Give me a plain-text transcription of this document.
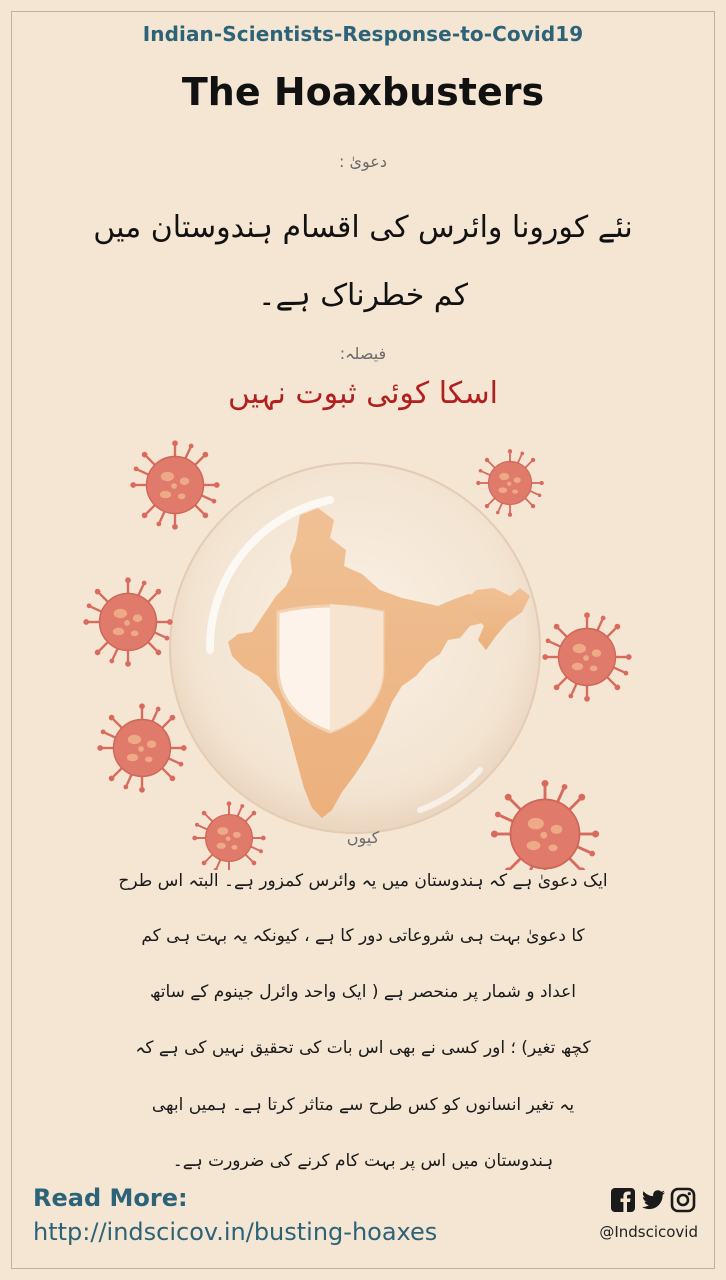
Indian-Scientists-Response-to-Covid19
The Hoaxbusters
دعویٰ :
نئے کورونا وائرس کی اقسام ہندوستان میں
کم خطرناک ہے۔
فیصلہ:
اسکا کوئی ثبوت نہیں
کیوں
ایک دعویٰ ہے کہ ہندوستان میں یہ وائرس کمزور ہے۔ البتہ اس طرح
کا دعویٰ بہت ہی شروعاتی دور کا ہے ، کیونکہ یہ بہت ہی کم
اعداد و شمار پر منحصر ہے ( ایک واحد وائرل جینوم کے ساتھ
کچھ تغیر) ؛ اور کسی نے بھی اس بات کی تحقیق نہیں کی ہے کہ
یہ تغیر انسانوں کو کس طرح سے متاثر کرتا ہے۔ ہمیں ابھی
ہندوستان میں اس پر بہت کام کرنے کی ضرورت ہے۔
Read More:
http://indscicov.in/busting-hoaxes	@Indscicovid
